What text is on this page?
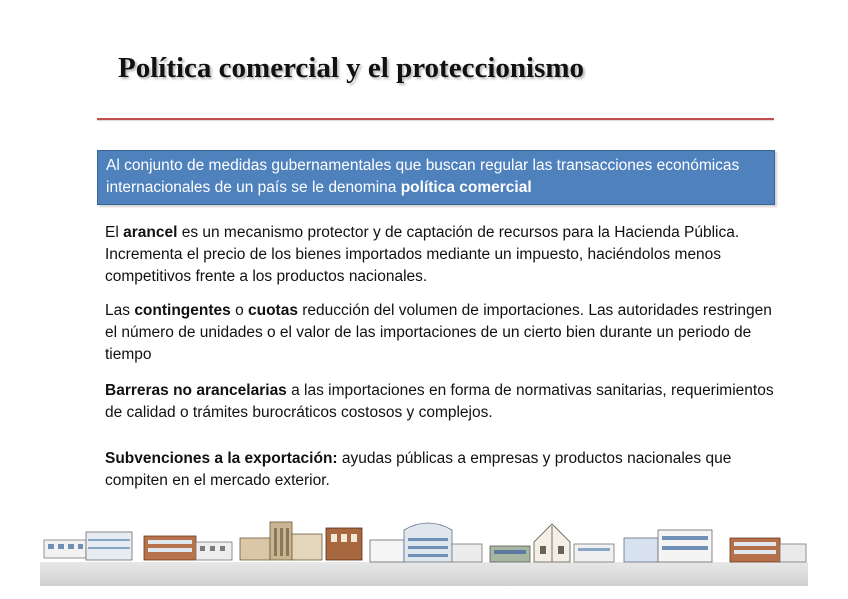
Política comercial y el proteccionismo
Al conjunto de medidas gubernamentales que buscan regular las transacciones económicas internacionales de un país se le denomina política comercial
El arancel es un mecanismo protector y de captación de recursos para la Hacienda Pública. Incrementa el precio de los bienes importados mediante un impuesto, haciéndolos menos competitivos frente a los productos nacionales.
Las contingentes o cuotas reducción del volumen de importaciones. Las autoridades restringen el número de unidades o el valor de las importaciones de un cierto bien durante un periodo de tiempo
Barreras no arancelarias a las importaciones en forma de normativas sanitarias, requerimientos de calidad o trámites burocráticos costosos y complejos.
Subvenciones a la exportación: ayudas públicas a empresas y productos nacionales que compiten en el mercado exterior.
